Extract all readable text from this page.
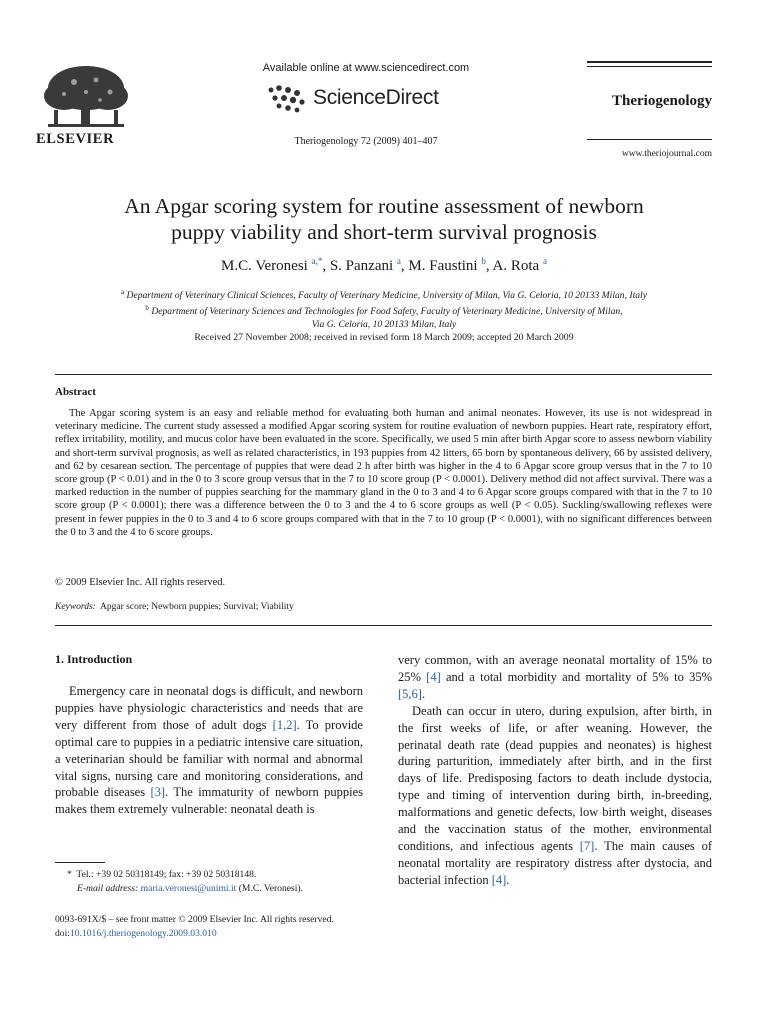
ELSEVIER
Available online at www.sciencedirect.com
ScienceDirect
Theriogenology 72 (2009) 401–407
Theriogenology
www.theriojournal.com
An Apgar scoring system for routine assessment of newborn
puppy viability and short-term survival prognosis
M.C. Veronesi $^{a,*}$, S. Panzani $^a$, M. Faustini $^b$, A. Rota $^a$
$^a$ Department of Veterinary Clinical Sciences, Faculty of Veterinary Medicine, University of Milan, Via G. Celoria, 10 20133 Milan, Italy
$^b$ Department of Veterinary Sciences and Technologies for Food Safety, Faculty of Veterinary Medicine, University of Milan,
Via G. Celoria, 10 20133 Milan, Italy
Received 27 November 2008; received in revised form 18 March 2009; accepted 20 March 2009
Abstract
The Apgar scoring system is an easy and reliable method for evaluating both human and animal neonates. However, its use is not widespread in veterinary medicine. The current study assessed a modified Apgar scoring system for routine evaluation of newborn puppies. Heart rate, respiratory effort, reflex irritability, motility, and mucus color have been evaluated in the score. Specifically, we used 5 min after birth Apgar score to assess newborn viability and short-term survival prognosis, as well as related characteristics, in 193 puppies from 42 litters, 65 born by spontaneous delivery, 66 by assisted delivery, and 62 by cesarean section. The percentage of puppies that were dead 2 h after birth was higher in the 4 to 6 Apgar score group versus that in the 7 to 10 score group (P < 0.01) and in the 0 to 3 score group versus that in the 7 to 10 score group (P < 0.0001). Delivery method did not affect survival. There was a marked reduction in the number of puppies searching for the mammary gland in the 0 to 3 and 4 to 6 Apgar score groups compared with that in the 7 to 10 score group (P < 0.0001); there was a difference between the 0 to 3 and the 4 to 6 score groups as well (P < 0.05). Suckling/swallowing reflexes were present in fewer puppies in the 0 to 3 and 4 to 6 score groups compared with that in the 7 to 10 group (P < 0.0001), with no significant differences between the 0 to 3 and the 4 to 6 score groups.
© 2009 Elsevier Inc. All rights reserved.
Keywords: Apgar score; Newborn puppies; Survival; Viability
1. Introduction
Emergency care in neonatal dogs is difficult, and newborn puppies have physiologic characteristics and needs that are very different from those of adult dogs [1,2]. To provide optimal care to puppies in a pediatric intensive care situation, a veterinarian should be familiar with normal and abnormal vital signs, nursing care and monitoring considerations, and probable diseases [3]. The immaturity of newborn puppies makes them extremely vulnerable: neonatal death is

very common, with an average neonatal mortality of 15% to 25% [4] and a total morbidity and mortality of 5% to 35% [5,6].

Death can occur in utero, during expulsion, after birth, in the first weeks of life, or after weaning. However, the perinatal death rate (dead puppies and neonates) is highest during parturition, immediately after birth, and in the first days of life. Predisposing factors to death include dystocia, type and timing of intervention during birth, in-breeding, malformations and genetic defects, low birth weight, diseases and the vaccination status of the mother, environmental conditions, and infectious agents [7]. The main causes of neonatal mortality are respiratory distress after dystocia, and bacterial infection [4].

* Tel.: +39 02 50318149; fax: +39 02 50318148.
E-mail address: maria.veronesi@unimi.it (M.C. Veronesi).
0093-691X/$ – see front matter © 2009 Elsevier Inc. All rights reserved.
doi:10.1016/j.theriogenology.2009.03.010
